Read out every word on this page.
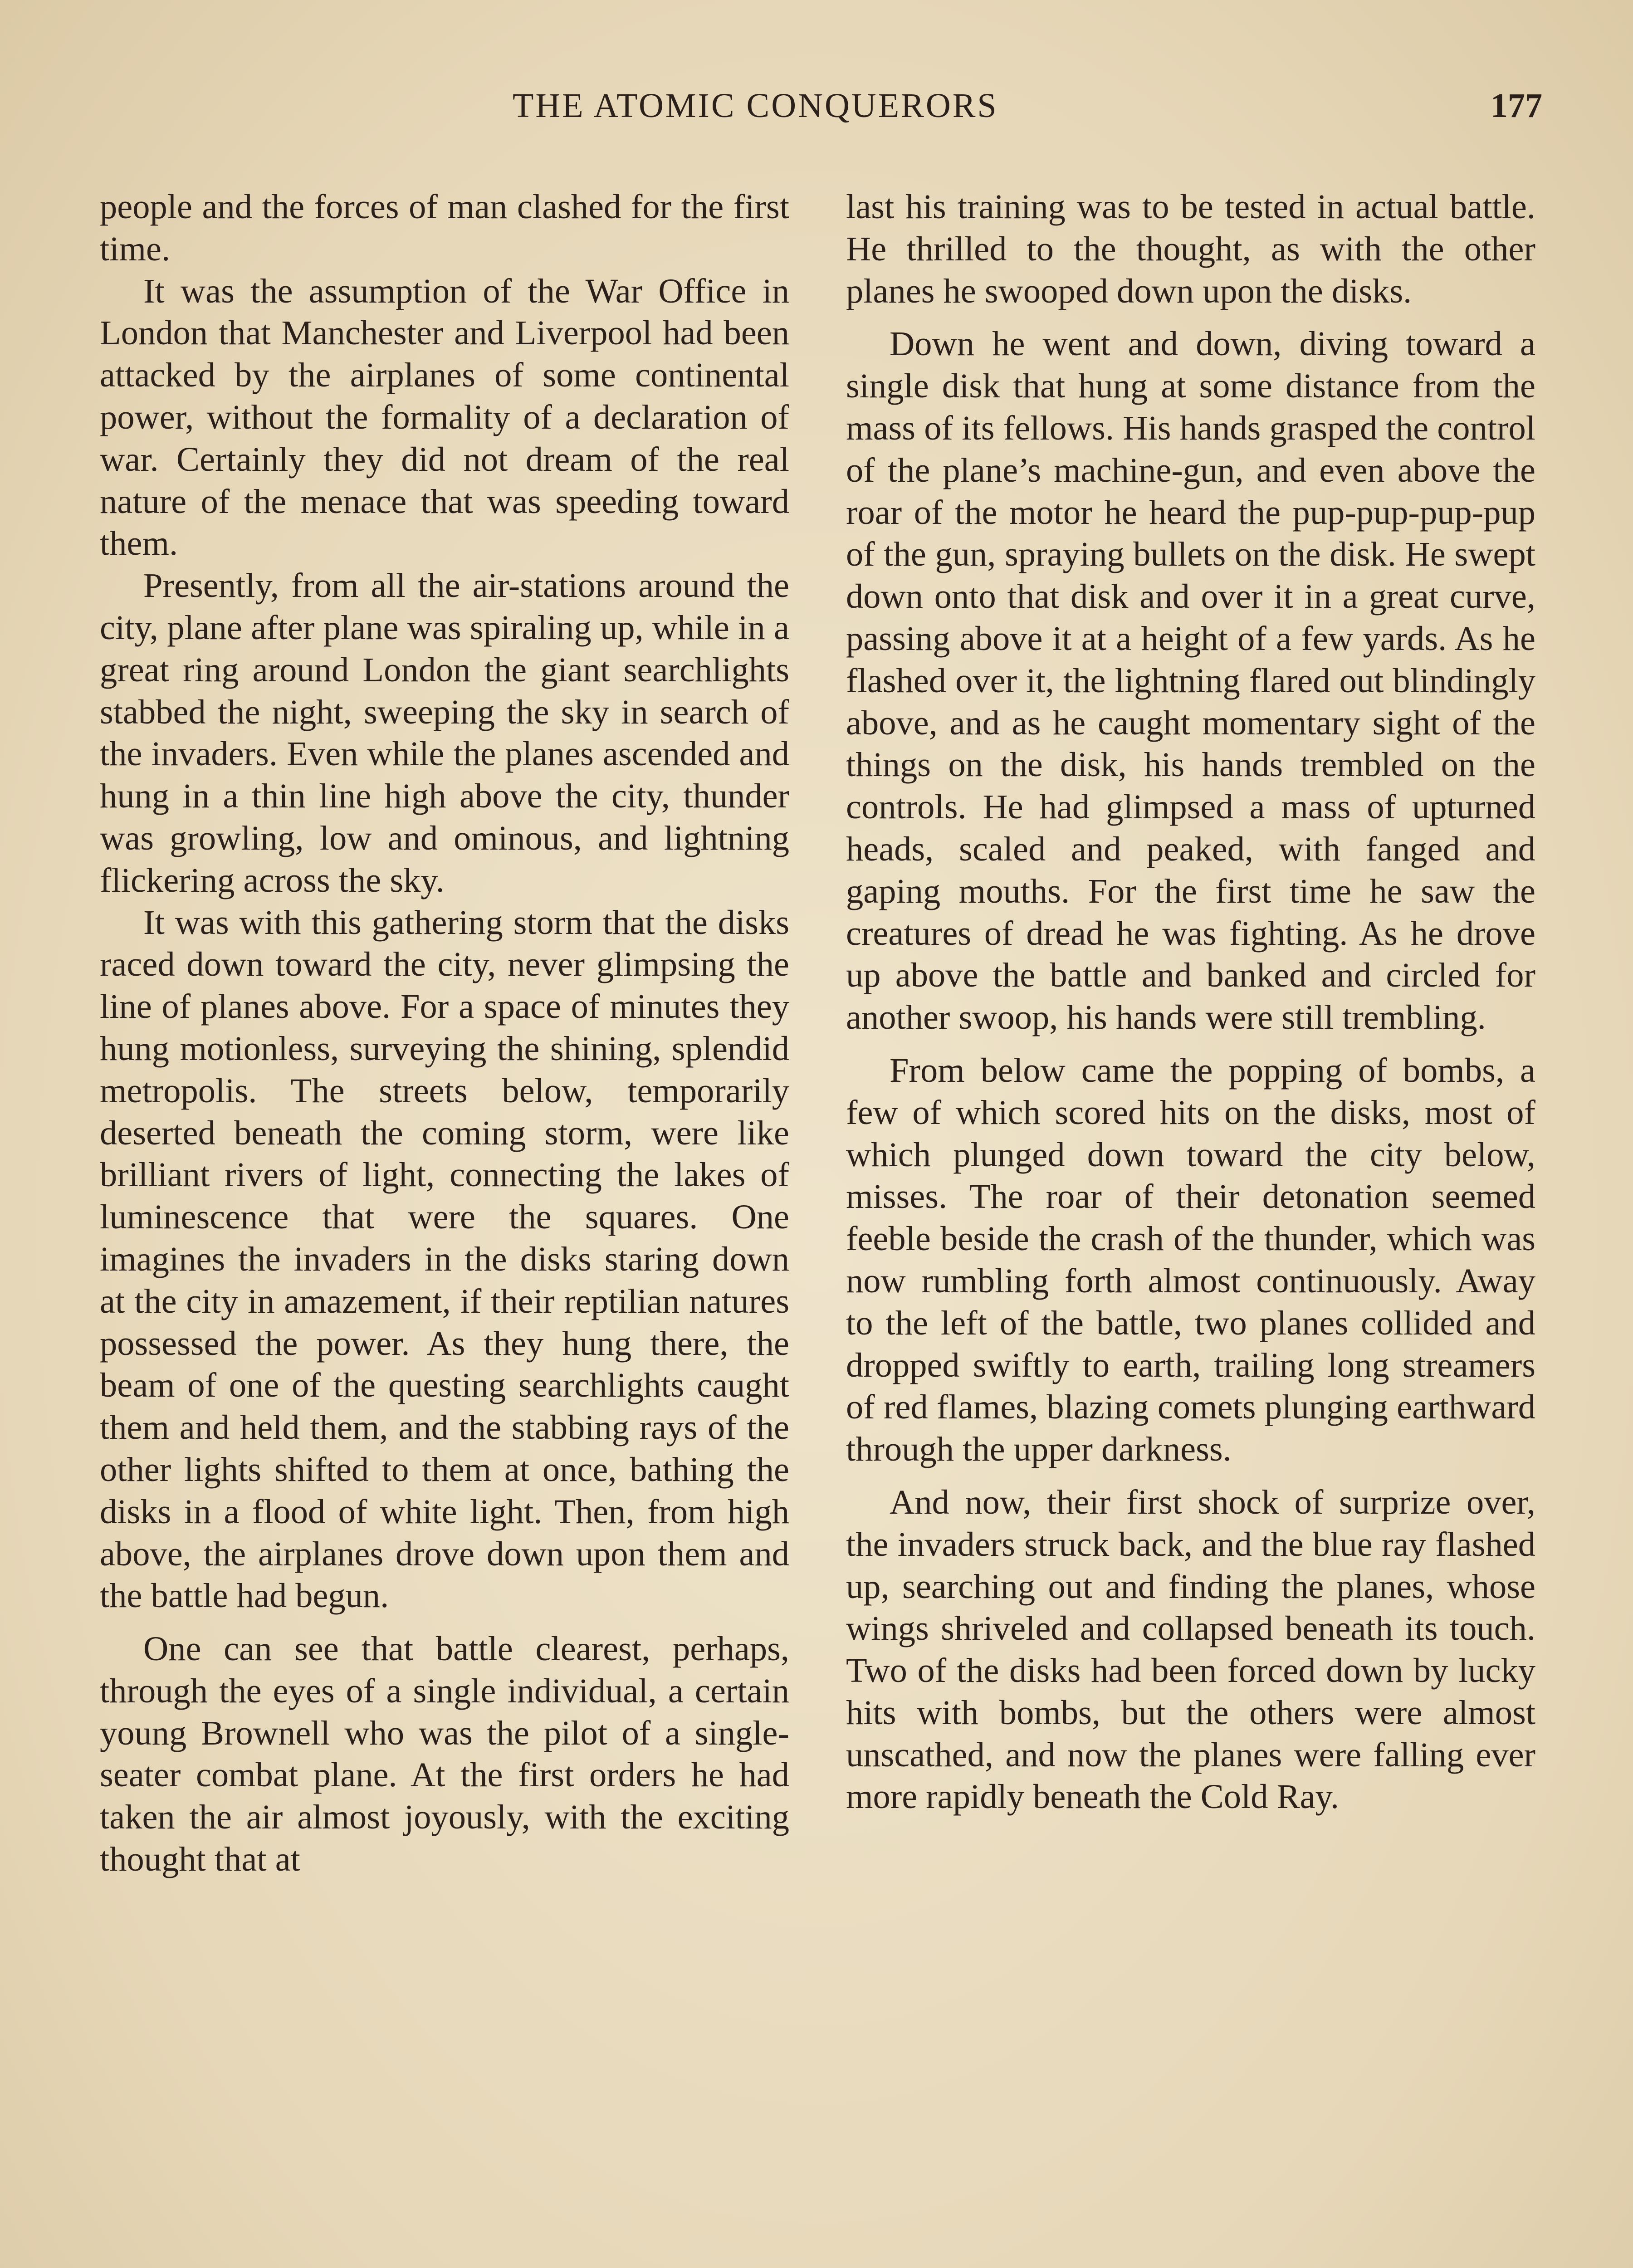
THE ATOMIC CONQUERORS	177

people and the forces of man clashed for the first time.

It was the assumption of the War Office in London that Manchester and Liverpool had been attacked by the airplanes of some continental power, without the formality of a declaration of war. Certainly they did not dream of the real nature of the menace that was speeding toward them.

Presently, from all the air-stations around the city, plane after plane was spiraling up, while in a great ring around London the giant searchlights stabbed the night, sweeping the sky in search of the invaders. Even while the planes ascended and hung in a thin line high above the city, thunder was growling, low and ominous, and lightning flickering across the sky.

It was with this gathering storm that the disks raced down toward the city, never glimpsing the line of planes above. For a space of minutes they hung motionless, surveying the shining, splendid metropolis. The streets below, temporarily deserted beneath the coming storm, were like brilliant rivers of light, connecting the lakes of luminescence that were the squares. One imagines the invaders in the disks staring down at the city in amazement, if their reptilian natures possessed the power. As they hung there, the beam of one of the questing searchlights caught them and held them, and the stabbing rays of the other lights shifted to them at once, bathing the disks in a flood of white light. Then, from high above, the airplanes drove down upon them and the battle had begun.

One can see that battle clearest, perhaps, through the eyes of a single individual, a certain young Brownell who was the pilot of a single-seater combat plane. At the first orders he had taken the air almost joyously, with the exciting thought that at

last his training was to be tested in actual battle. He thrilled to the thought, as with the other planes he swooped down upon the disks.

Down he went and down, diving toward a single disk that hung at some distance from the mass of its fellows. His hands grasped the control of the plane’s machine-gun, and even above the roar of the motor he heard the pup-pup-pup-pup of the gun, spraying bullets on the disk. He swept down onto that disk and over it in a great curve, passing above it at a height of a few yards. As he flashed over it, the lightning flared out blindingly above, and as he caught momentary sight of the things on the disk, his hands trembled on the controls. He had glimpsed a mass of upturned heads, scaled and peaked, with fanged and gaping mouths. For the first time he saw the creatures of dread he was fighting. As he drove up above the battle and banked and circled for another swoop, his hands were still trembling.

From below came the popping of bombs, a few of which scored hits on the disks, most of which plunged down toward the city below, misses. The roar of their detonation seemed feeble beside the crash of the thunder, which was now rumbling forth almost continuously. Away to the left of the battle, two planes collided and dropped swiftly to earth, trailing long streamers of red flames, blazing comets plunging earthward through the upper darkness.

And now, their first shock of surprize over, the invaders struck back, and the blue ray flashed up, searching out and finding the planes, whose wings shriveled and collapsed beneath its touch. Two of the disks had been forced down by lucky hits with bombs, but the others were almost unscathed, and now the planes were falling ever more rapidly beneath the Cold Ray.
